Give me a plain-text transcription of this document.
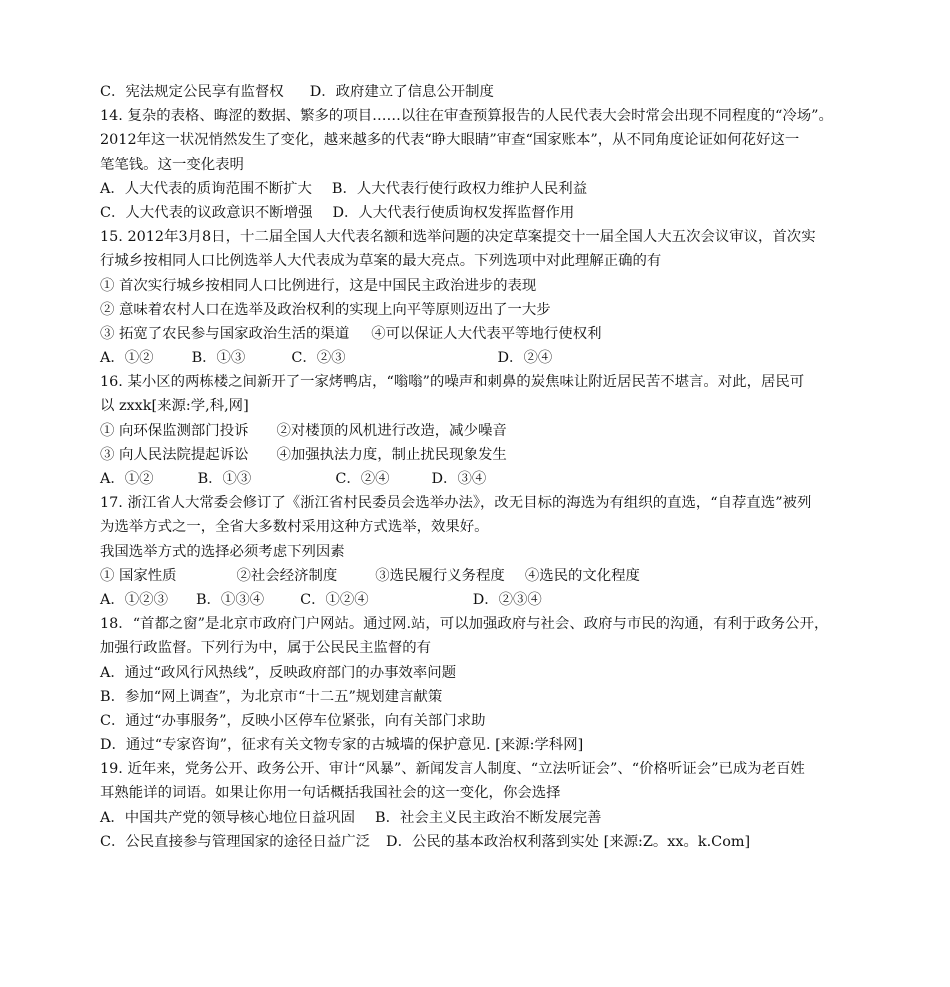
C．宪法规定公民享有监督权 D．政府建立了信息公开制度
14. 复杂的表格、晦涩的数据、繁多的项目……以往在审查预算报告的人民代表大会时常会出现不同程度的“冷场”。
2012年这一状况悄然发生了变化，越来越多的代表“睁大眼睛”审查“国家账本”，从不同角度论证如何花好这一
笔笔钱。这一变化表明
A．人大代表的质询范围不断扩大 B．人大代表行使行政权力维护人民利益
C．人大代表的议政意识不断增强 D．人大代表行使质询权发挥监督作用
15. 2012年3月8日，十二届全国人大代表名额和选举问题的决定草案提交十一届全国人大五次会议审议，首次实
行城乡按相同人口比例选举人大代表成为草案的最大亮点。下列选项中对此理解正确的有
① 首次实行城乡按相同人口比例进行，这是中国民主政治进步的表现
② 意味着农村人口在选举及政治权利的实现上向平等原则迈出了一大步
③ 拓宽了农民参与国家政治生活的渠道 ④可以保证人大代表平等地行使权利
A．①②	B．①③	C．②③	D．②④
16. 某小区的两栋楼之间新开了一家烤鸭店，“嗡嗡”的噪声和刺鼻的炭焦味让附近居民苦不堪言。对此，居民可
以 zxxk[来源:学,科,网]
① 向环保监测部门投诉 ②对楼顶的风机进行改造，减少噪音
③ 向人民法院提起诉讼 ④加强执法力度，制止扰民现象发生
A．①②	B．①③	C．②④	D．③④
17. 浙江省人大常委会修订了《浙江省村民委员会选举办法》，改无目标的海选为有组织的直选，“自荐直选”被列
为选举方式之一，全省大多数村采用这种方式选举，效果好。
我国选举方式的选择必须考虑下列因素
① 国家性质	②社会经济制度	③选民履行义务程度 ④选民的文化程度
A．①②③ B．①③④	C．①②④	D．②③④
18．“首都之窗”是北京市政府门户网站。通过网.站，可以加强政府与社会、政府与市民的沟通，有利于政务公开，
加强行政监督。下列行为中，属于公民民主监督的有
A．通过“政风行风热线”，反映政府部门的办事效率问题
B．参加“网上调查”，为北京市“十二五”规划建言献策
C．通过“办事服务”，反映小区停车位紧张，向有关部门求助
D．通过“专家咨询”，征求有关文物专家的古城墙的保护意见. [来源:学科网]
19. 近年来，党务公开、政务公开、审计“风暴”、新闻发言人制度、“立法听证会”、“价格听证会”已成为老百姓
耳熟能详的词语。如果让你用一句话概括我国社会的这一变化，你会选择
A．中国共产党的领导核心地位日益巩固 B．社会主义民主政治不断发展完善
C．公民直接参与管理国家的途径日益广泛 D．公民的基本政治权利落到实处 [来源:Z。xx。k.Com]
